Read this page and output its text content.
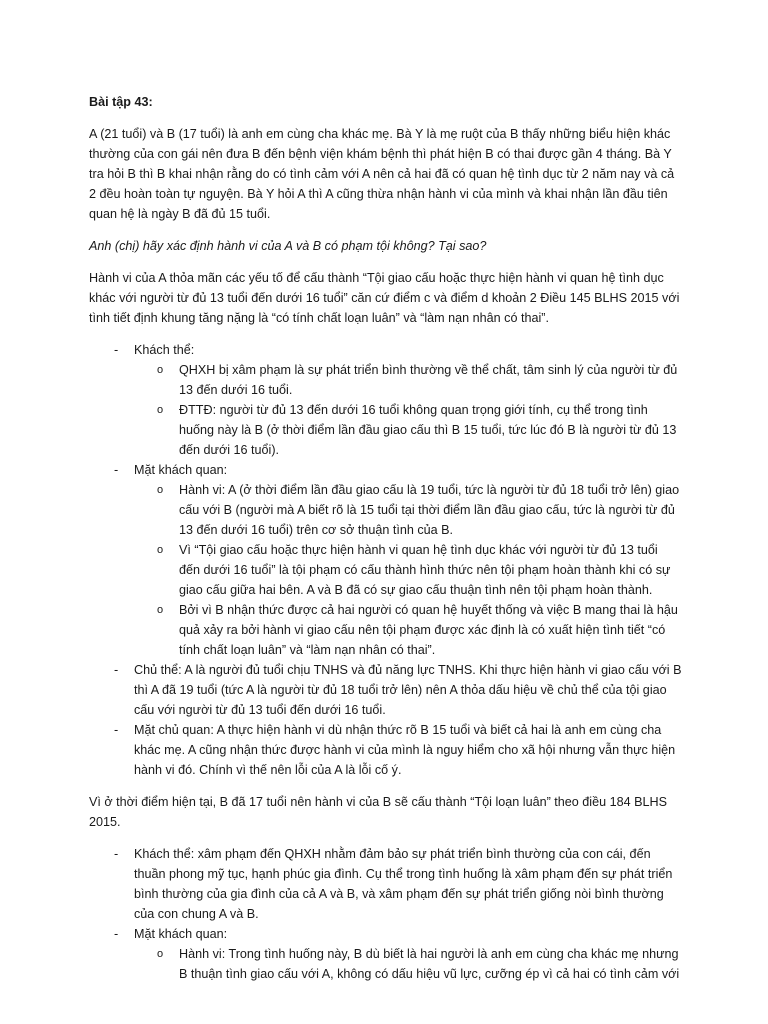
Bài tập 43:

A (21 tuổi) và B (17 tuổi) là anh em cùng cha khác mẹ. Bà Y là mẹ ruột của B thấy những biểu hiện khác thường của con gái nên đưa B đến bệnh viện khám bệnh thì phát hiện B có thai được gần 4 tháng. Bà Y tra hỏi B thì B khai nhận rằng do có tình cảm với A nên cả hai đã có quan hệ tình dục từ 2 năm nay và cả 2 đều hoàn toàn tự nguyện. Bà Y hỏi A thì A cũng thừa nhận hành vi của mình và khai nhận lần đầu tiên quan hệ là ngày B đã đủ 15 tuổi.

Anh (chị) hãy xác định hành vi của A và B có phạm tội không? Tại sao?

Hành vi của A thỏa mãn các yếu tố để cấu thành “Tội giao cấu hoặc thực hiện hành vi quan hệ tình dục khác với người từ đủ 13 tuổi đến dưới 16 tuổi” căn cứ điểm c và điểm d khoản 2 Điều 145 BLHS 2015 với tình tiết định khung tăng nặng là “có tính chất loạn luân” và “làm nạn nhân có thai”.

- Khách thể:
o QHXH bị xâm phạm là sự phát triển bình thường về thể chất, tâm sinh lý của người từ đủ 13 đến dưới 16 tuổi.
o ĐTTĐ: người từ đủ 13 đến dưới 16 tuổi không quan trọng giới tính, cụ thể trong tình huống này là B (ở thời điểm lần đầu giao cấu thì B 15 tuổi, tức lúc đó B là người từ đủ 13 đến dưới 16 tuổi).
- Mặt khách quan:
o Hành vi: A (ở thời điểm lần đầu giao cấu là 19 tuổi, tức là người từ đủ 18 tuổi trở lên) giao cấu với B (người mà A biết rõ là 15 tuổi tại thời điểm lần đầu giao cấu, tức là người từ đủ 13 đến dưới 16 tuổi) trên cơ sở thuận tình của B.
o Vì “Tội giao cấu hoặc thực hiện hành vi quan hệ tình dục khác với người từ đủ 13 tuổi đến dưới 16 tuổi” là tội phạm có cấu thành hình thức nên tội phạm hoàn thành khi có sự giao cấu giữa hai bên. A và B đã có sự giao cấu thuận tình nên tội phạm hoàn thành.
o Bởi vì B nhận thức được cả hai người có quan hệ huyết thống và việc B mang thai là hậu quả xảy ra bởi hành vi giao cấu nên tội phạm được xác định là có xuất hiện tình tiết “có tính chất loạn luân” và “làm nạn nhân có thai”.
- Chủ thể: A là người đủ tuổi chịu TNHS và đủ năng lực TNHS. Khi thực hiện hành vi giao cấu với B thì A đã 19 tuổi (tức A là người từ đủ 18 tuổi trở lên) nên A thỏa dấu hiệu về chủ thể của tội giao cấu với người từ đủ 13 tuổi đến dưới 16 tuổi.
- Mặt chủ quan: A thực hiện hành vi dù nhận thức rõ B 15 tuổi và biết cả hai là anh em cùng cha khác mẹ. A cũng nhận thức được hành vi của mình là nguy hiểm cho xã hội nhưng vẫn thực hiện hành vi đó. Chính vì thế nên lỗi của A là lỗi cố ý.

Vì ở thời điểm hiện tại, B đã 17 tuổi nên hành vi của B sẽ cấu thành “Tội loạn luân” theo điều 184 BLHS 2015.

- Khách thể: xâm phạm đến QHXH nhằm đảm bảo sự phát triển bình thường của con cái, đến thuần phong mỹ tục, hạnh phúc gia đình. Cụ thể trong tình huống là xâm phạm đến sự phát triển bình thường của gia đình của cả A và B, và xâm phạm đến sự phát triển giống nòi bình thường của con chung A và B.
- Mặt khách quan:
o Hành vi: Trong tình huống này, B dù biết là hai người là anh em cùng cha khác mẹ nhưng B thuận tình giao cấu với A, không có dấu hiệu vũ lực, cưỡng ép vì cả hai có tình cảm với
